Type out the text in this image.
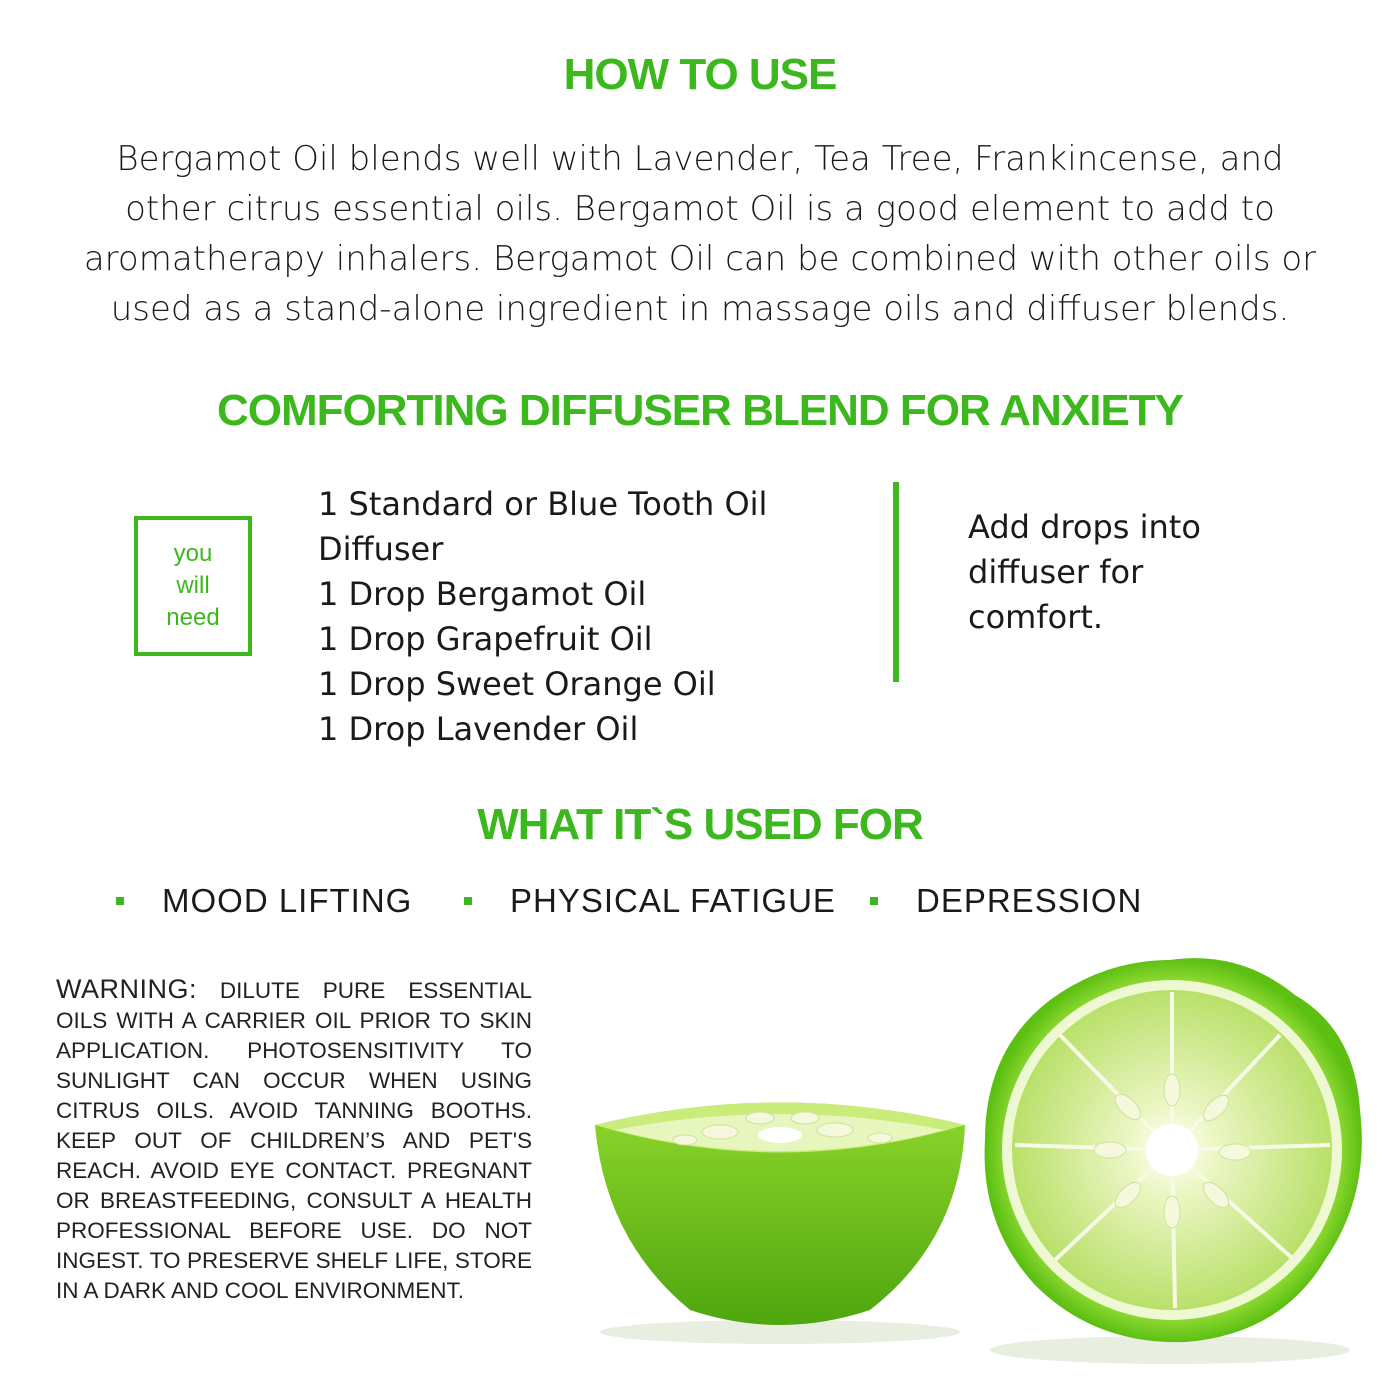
HOW TO USE

Bergamot Oil blends well with Lavender, Tea Tree, Frankincense, and other citrus essential oils. Bergamot Oil is a good element to add to aromatherapy inhalers. Bergamot Oil can be combined with other oils or used as a stand-alone ingredient in massage oils and diffuser blends.

COMFORTING DIFFUSER BLEND FOR ANXIETY
you
will
need
1 Standard or Blue Tooth Oil Diffuser
1 Drop Bergamot Oil
1 Drop Grapefruit Oil
1 Drop Sweet Orange Oil
1 Drop Lavender Oil

Add drops into diffuser for comfort.

WHAT IT`S USED FOR
MOOD LIFTING	PHYSICAL FATIGUE DEPRESSION

WARNING: DILUTE PURE ESSENTIAL OILS WITH A CARRIER OIL PRIOR TO SKIN APPLICATION. PHOTOSENSITIVITY TO SUNLIGHT CAN OCCUR WHEN USING CITRUS OILS. AVOID TANNING BOOTHS. KEEP OUT OF CHILDREN’S AND PET'S REACH. AVOID EYE CONTACT. PREGNANT OR BREASTFEEDING, CONSULT A HEALTH PROFESSIONAL BEFORE USE. DO NOT INGEST. TO PRESERVE SHELF LIFE, STORE IN A DARK AND COOL ENVIRONMENT.
